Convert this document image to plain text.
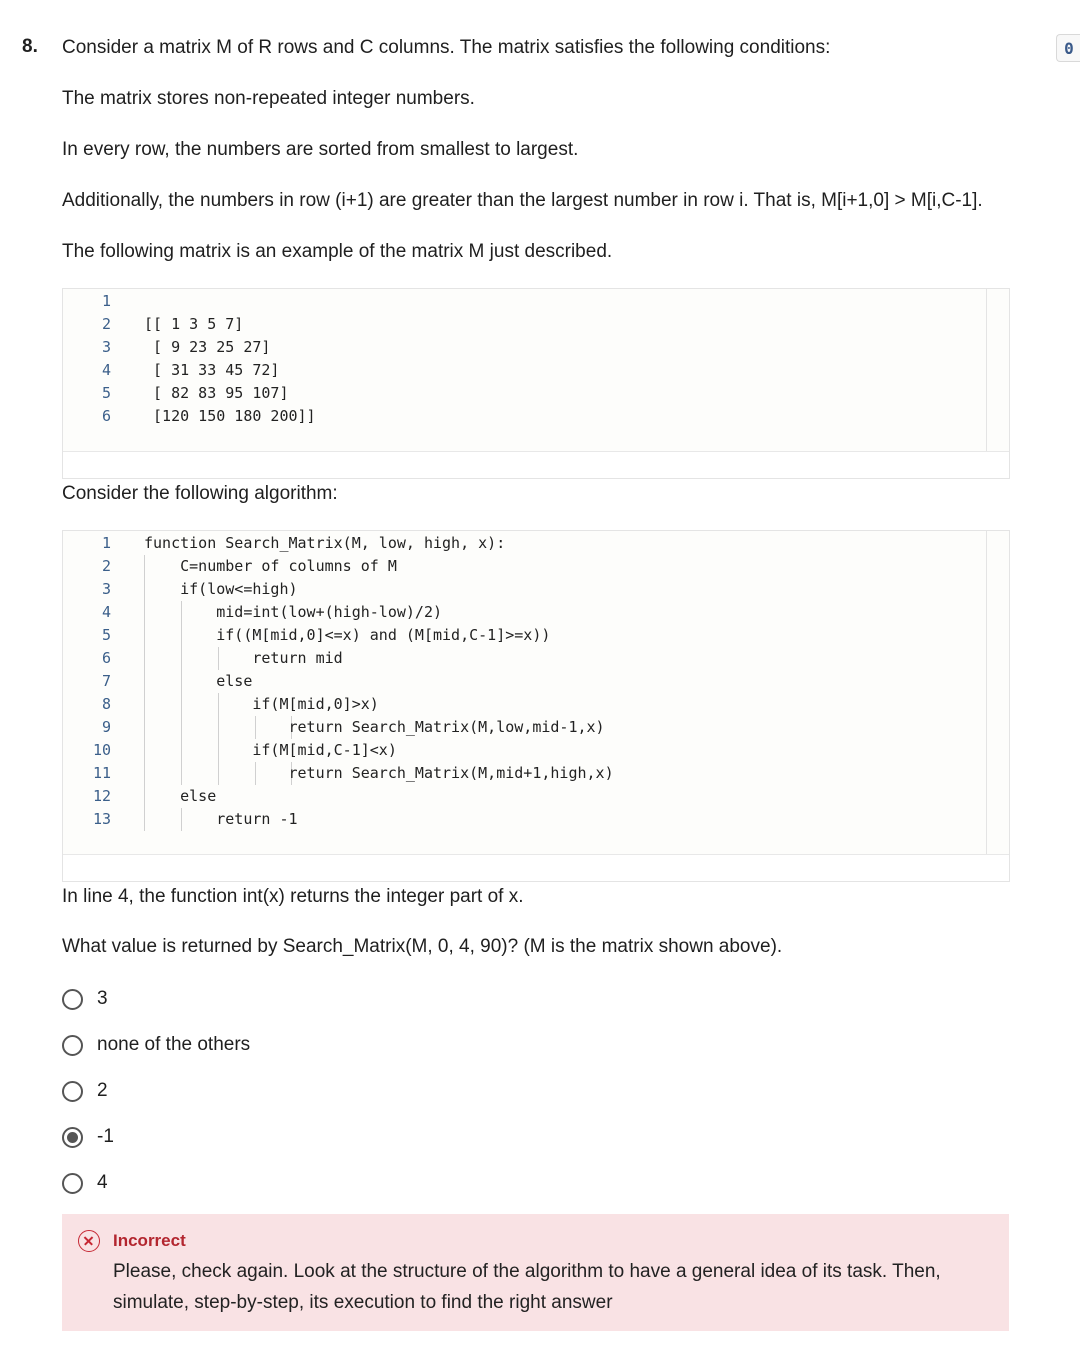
8.	0
Consider a matrix M of R rows and C columns. The matrix satisfies the following conditions:
The matrix stores non-repeated integer numbers.
In every row, the numbers are sorted from smallest to largest.
Additionally, the numbers in row (i+1) are greater than the largest number in row i. That is, M[i+1,0] > M[i,C-1].
The following matrix is an example of the matrix M just described.
1
2 [[ 1 3 5 7]
3 [ 9 23 25 27]
4 [ 31 33 45 72]
5 [ 82 83 95 107]
6 [120 150 180 200]]
Consider the following algorithm:
1 function Search_Matrix(M, low, high, x):
2 C=number of columns of M
3 if(low<=high)
4 mid=int(low+(high-low)/2)
5 if((M[mid,0]<=x) and (M[mid,C-1]>=x))
6 return mid
7 else
8 if(M[mid,0]>x)
9 return Search_Matrix(M,low,mid-1,x)
10 if(M[mid,C-1]<x)
11 return Search_Matrix(M,mid+1,high,x)
12 else
13 return -1
In line 4, the function int(x) returns the integer part of x.
What value is returned by Search_Matrix(M, 0, 4, 90)? (M is the matrix shown above).
3
none of the others
2
-1
4
Incorrect
Please, check again. Look at the structure of the algorithm to have a general idea of its task. Then, simulate, step-by-step, its execution to find the right answer
